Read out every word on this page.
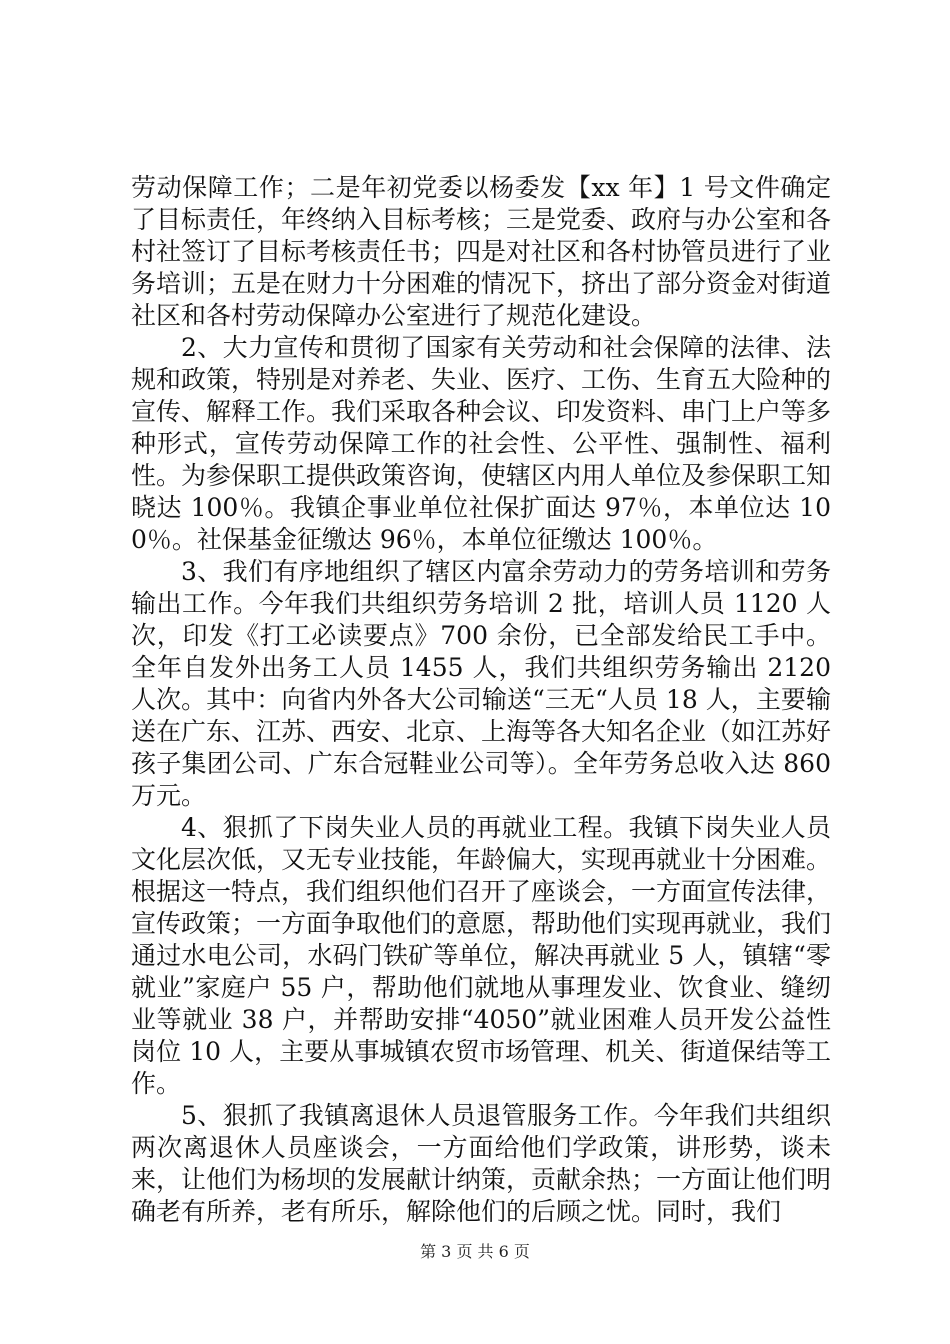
劳动保障工作；二是年初党委以杨委发【xx 年】1 号文件确定了目标责任，年终纳入目标考核；三是党委、政府与办公室和各村社签订了目标考核责任书；四是对社区和各村协管员进行了业务培训；五是在财力十分困难的情况下，挤出了部分资金对街道社区和各村劳动保障办公室进行了规范化建设。

2、大力宣传和贯彻了国家有关劳动和社会保障的法律、法规和政策，特别是对养老、失业、医疗、工伤、生育五大险种的宣传、解释工作。我们采取各种会议、印发资料、串门上户等多种形式，宣传劳动保障工作的社会性、公平性、强制性、福利性。为参保职工提供政策咨询，使辖区内用人单位及参保职工知晓达 100％。我镇企事业单位社保扩面达 97％，本单位达 100％。社保基金征缴达 96％，本单位征缴达 100％。

3、我们有序地组织了辖区内富余劳动力的劳务培训和劳务输出工作。今年我们共组织劳务培训 2 批，培训人员 1120 人次，印发《打工必读要点》700 余份，已全部发给民工手中。全年自发外出务工人员 1455 人，我们共组织劳务输出 2120 人次。其中：向省内外各大公司输送“三无“人员 18 人，主要输送在广东、江苏、西安、北京、上海等各大知名企业（如江苏好孩子集团公司、广东合冠鞋业公司等）。全年劳务总收入达 860 万元。

4、狠抓了下岗失业人员的再就业工程。我镇下岗失业人员文化层次低，又无专业技能，年龄偏大，实现再就业十分困难。根据这一特点，我们组织他们召开了座谈会，一方面宣传法律，宣传政策；一方面争取他们的意愿，帮助他们实现再就业，我们通过水电公司，水码门铁矿等单位，解决再就业 5 人，镇辖“零就业”家庭户 55 户，帮助他们就地从事理发业、饮食业、缝纫业等就业 38 户，并帮助安排“4050”就业困难人员开发公益性岗位 10 人，主要从事城镇农贸市场管理、机关、街道保结等工作。

5、狠抓了我镇离退休人员退管服务工作。今年我们共组织两次离退休人员座谈会，一方面给他们学政策，讲形势，谈未来，让他们为杨坝的发展献计纳策，贡献余热；一方面让他们明确老有所养，老有所乐，解除他们的后顾之忧。同时，我们

第 3 页 共 6 页
